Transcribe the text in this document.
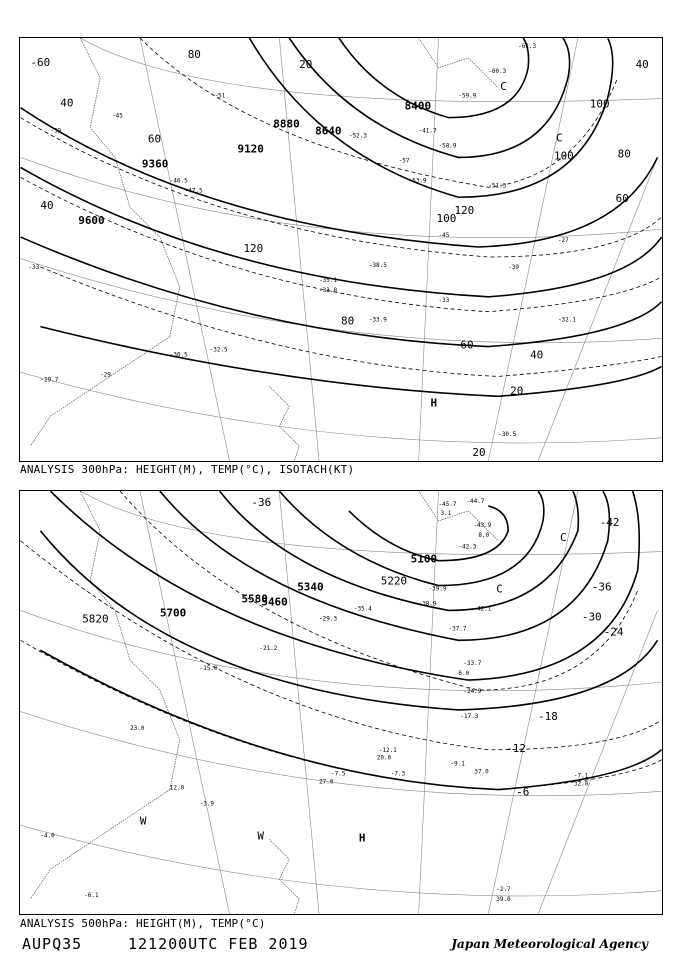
9600
9120
8880
8640
8400
9360
20
40
60
80
100
120
40
60
80
100
120
40
20
60
80
100
20
40
H
C
C
-60
-39
-45
-51
-57
-33	-39
-45
-27
-33
-29
-30.5
-32.5
-33.8
-38.5
-46.5
-52.3
-58.9
-59.9
-60.3
-61.3
-51.3
-53.9
-47.5
-41.7
-35.1
-33.9	-32.1
-29.7
-30.5
ANALYSIS 300hPa: HEIGHT(M), TEMP(°C), ISOTACH(KT)
5820	5700
5580
5460
5340	5220
5100
-36
-42
-36
-30
-24
-18
-12
-6
H
W
W
C
C
-45.7 -44.7
-43.9
-42.3
-42.1
-39.9
-38.9
-37.7
-33.7
-24.9
-17.3
-12.1
-9.1
-7.3	-7.1
-7.5
-3.9
-2.7
-6.1
-4.0
-15.0
-21.2
-29.3
-35.4
37.0
32.0
39.0
27.0
23.0
20.0
12.0
6.0
8.0
3.1
ANALYSIS 500hPa: HEIGHT(M), TEMP(°C)
AUPQ35	121200UTC FEB 2019	Japan Meteorological Agency
